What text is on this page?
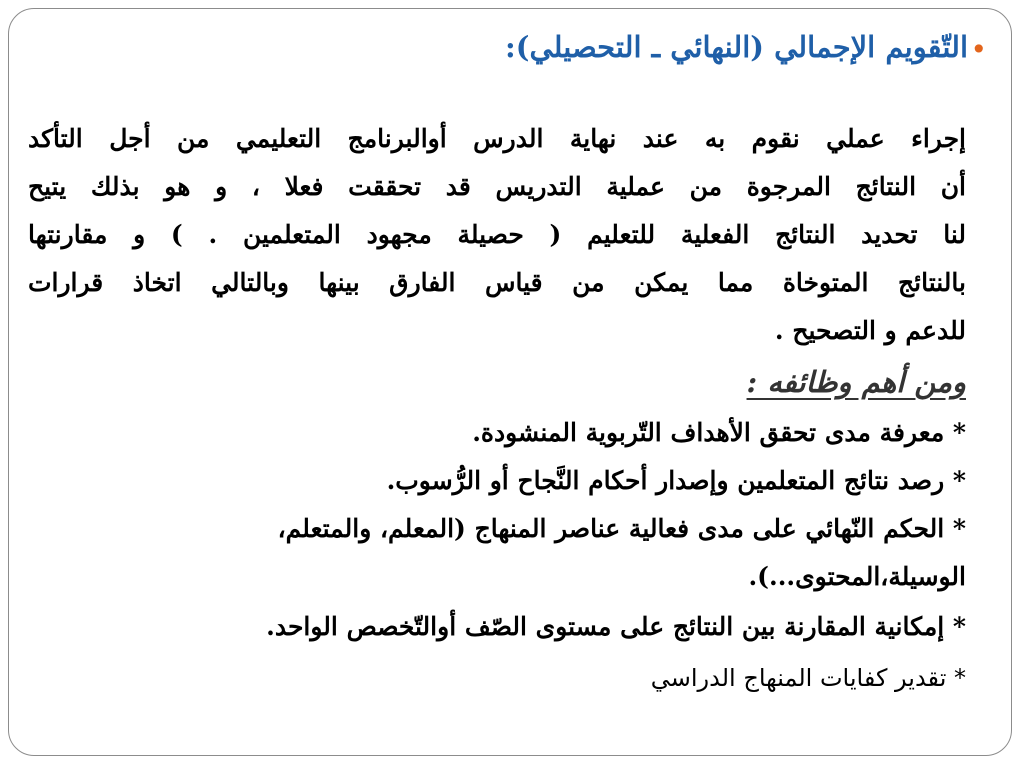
•
التّقويم الإجمالي (النهائي ـ التحصيلي):
إجراء عملي نقوم به عند نهاية الدرس أوالبرنامج التعليمي من أجل التأكد
أن النتائج المرجوة من عملية التدريس قد تحققت فعلا ، و هو بذلك يتيح
لنا تحديد النتائج الفعلية للتعليم ( حصيلة مجهود المتعلمين . ) و مقارنتها
بالنتائج المتوخاة مما يمكن من قياس الفارق بينها وبالتالي اتخاذ قرارات
للدعم و التصحيح .
ومن أهم وظائفه :
* معرفة مدى تحقق الأهداف التّربوية المنشودة.
* رصد نتائج المتعلمين وإصدار أحكام النَّجاح أو الرُّسوب.
* الحكم النّهائي على مدى فعالية عناصر المنهاج (المعلم، والمتعلم،
الوسيلة،المحتوى...).
* إمكانية المقارنة بين النتائج على مستوى الصّف أوالتّخصص الواحد.
* تقدير كفايات المنهاج الدراسي
